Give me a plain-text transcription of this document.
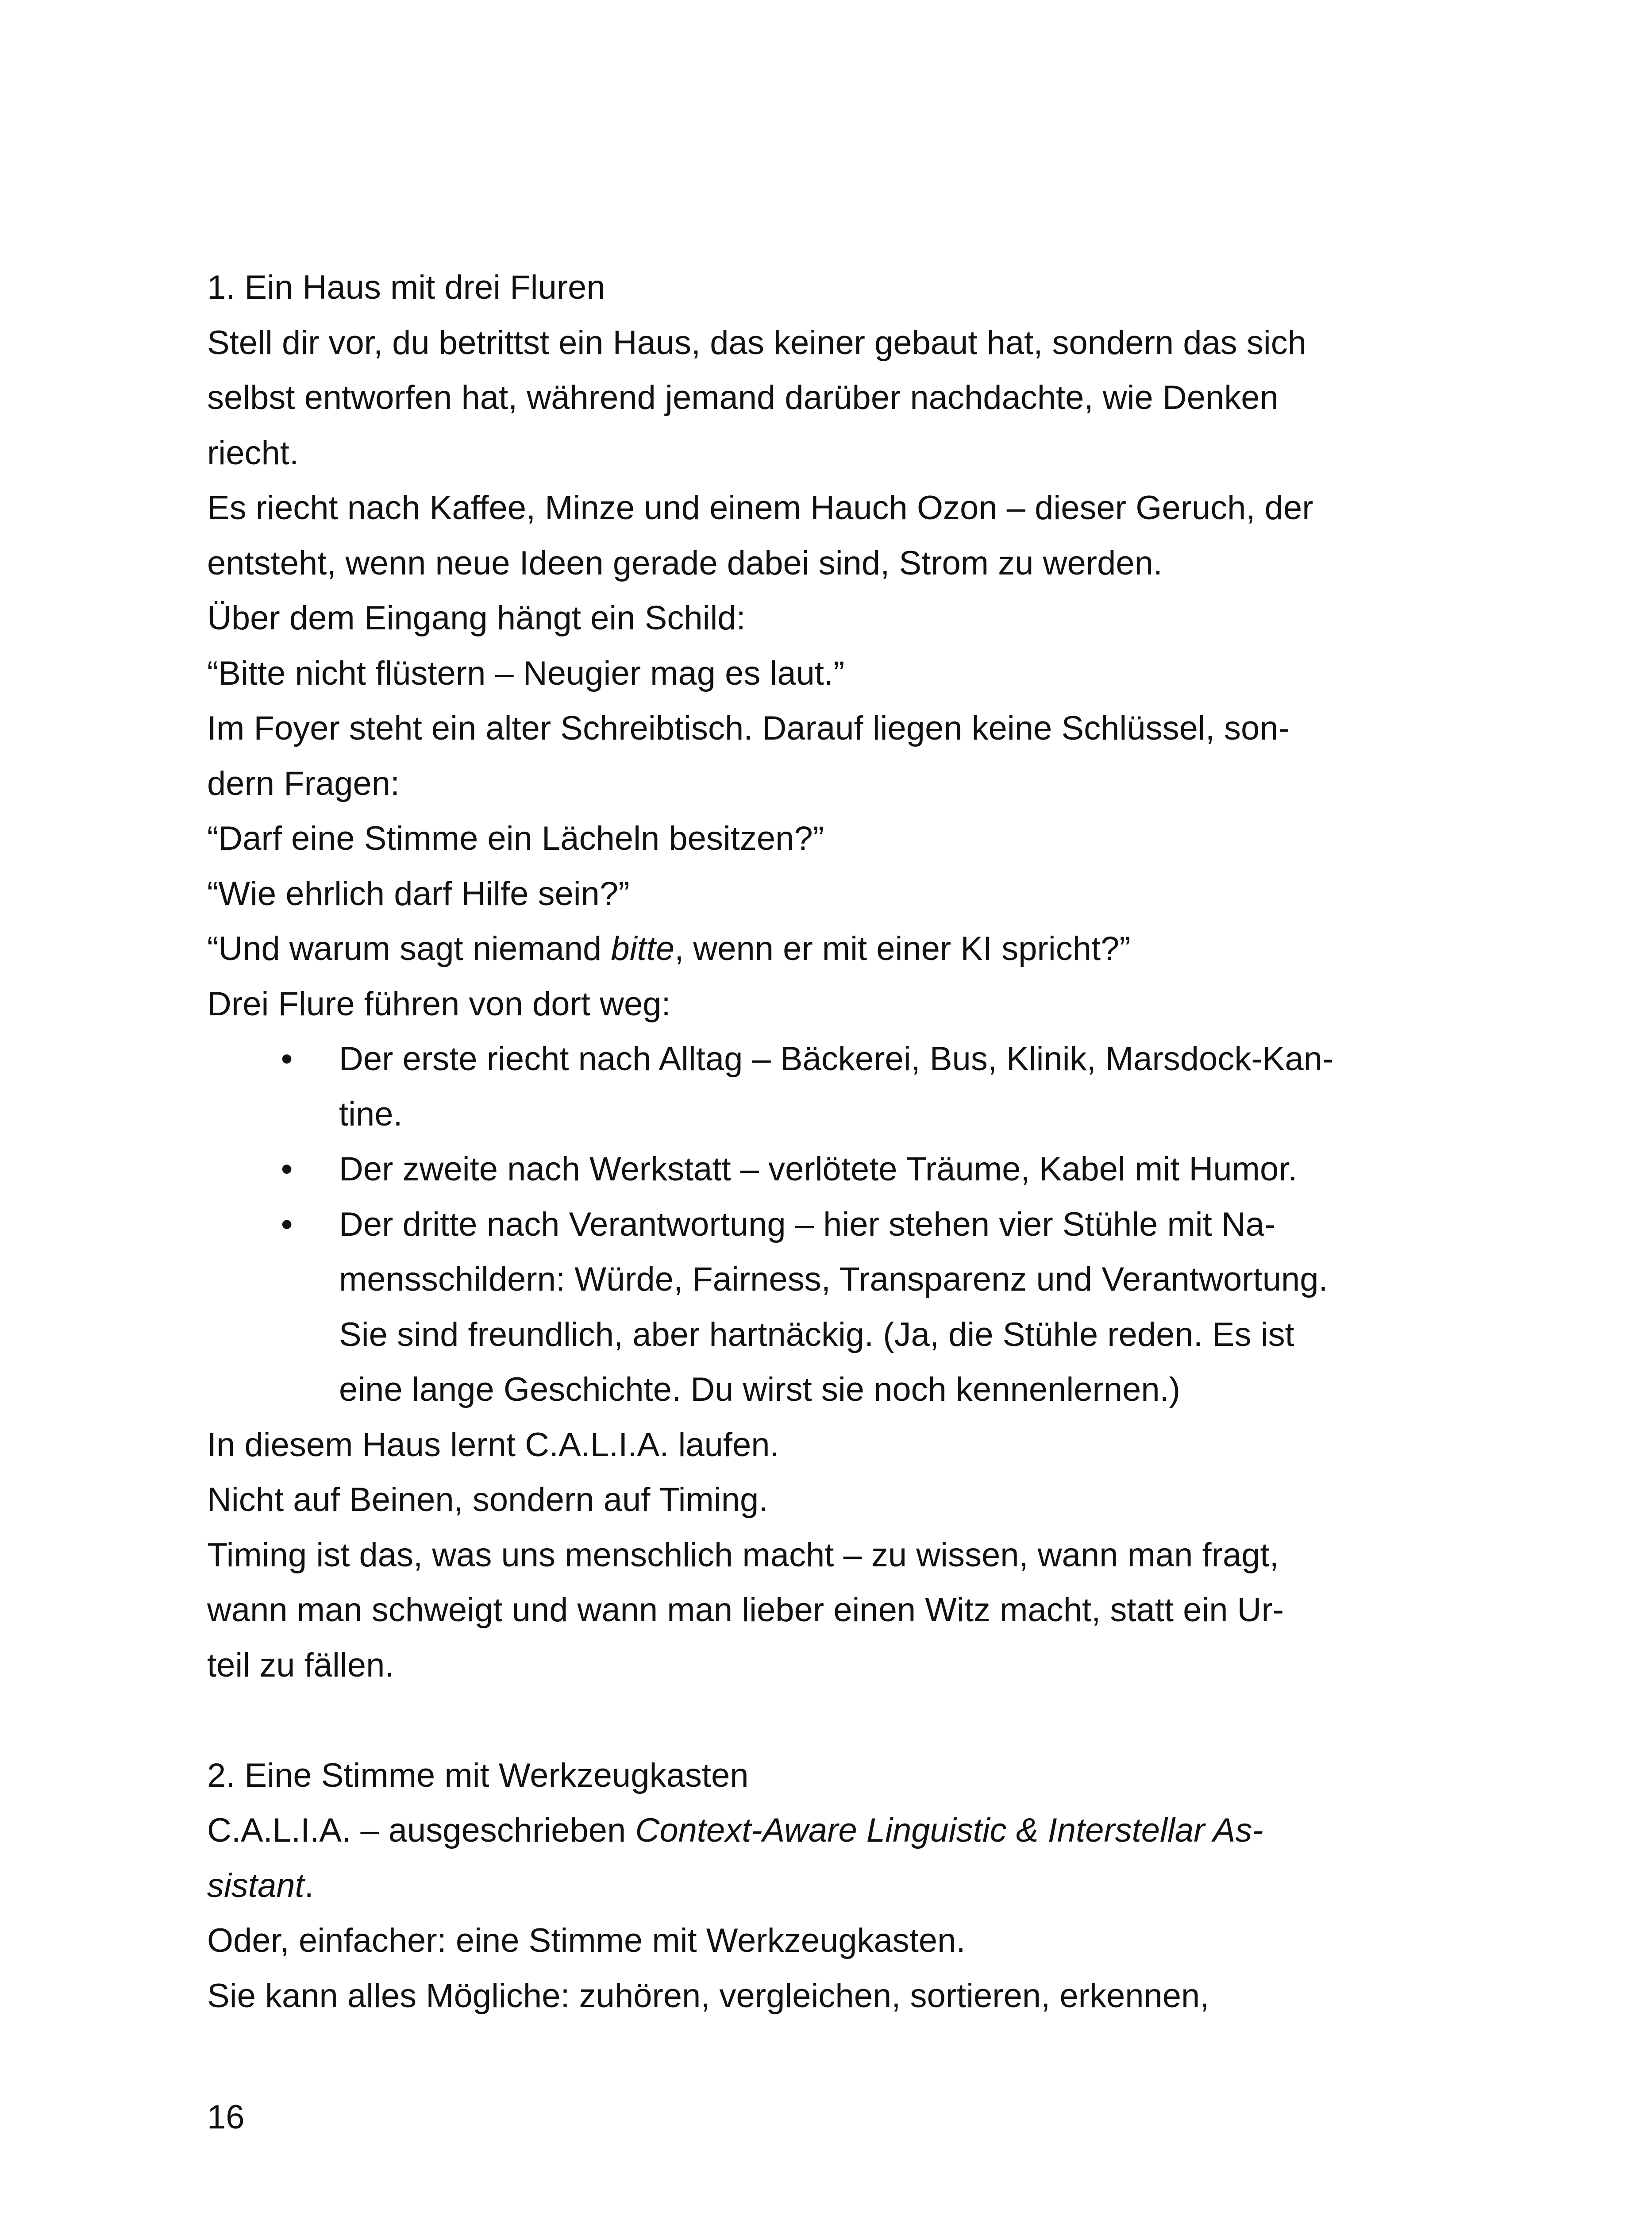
1. Ein Haus mit drei Fluren

Stell dir vor, du betrittst ein Haus, das keiner gebaut hat, sondern das sich

selbst entworfen hat, während jemand darüber nachdachte, wie Denken

riecht.

Es riecht nach Kaffee, Minze und einem Hauch Ozon – dieser Geruch, der

entsteht, wenn neue Ideen gerade dabei sind, Strom zu werden.

Über dem Eingang hängt ein Schild:

“Bitte nicht flüstern – Neugier mag es laut.”

Im Foyer steht ein alter Schreibtisch. Darauf liegen keine Schlüssel, son-

dern Fragen:

“Darf eine Stimme ein Lächeln besitzen?”

“Wie ehrlich darf Hilfe sein?”

“Und warum sagt niemand bitte, wenn er mit einer KI spricht?”

Drei Flure führen von dort weg:

• Der erste riecht nach Alltag – Bäckerei, Bus, Klinik, Marsdock-Kan-

tine.

• Der zweite nach Werkstatt – verlötete Träume, Kabel mit Humor.

• Der dritte nach Verantwortung – hier stehen vier Stühle mit Na-

mensschildern: Würde, Fairness, Transparenz und Verantwortung.

Sie sind freundlich, aber hartnäckig. (Ja, die Stühle reden. Es ist

eine lange Geschichte. Du wirst sie noch kennenlernen.)

In diesem Haus lernt C.A.L.I.A. laufen.

Nicht auf Beinen, sondern auf Timing.

Timing ist das, was uns menschlich macht – zu wissen, wann man fragt,

wann man schweigt und wann man lieber einen Witz macht, statt ein Ur-

teil zu fällen.

2. Eine Stimme mit Werkzeugkasten

C.A.L.I.A. – ausgeschrieben Context-Aware Linguistic & Interstellar As-

sistant.

Oder, einfacher: eine Stimme mit Werkzeugkasten.

Sie kann alles Mögliche: zuhören, vergleichen, sortieren, erkennen,

16
